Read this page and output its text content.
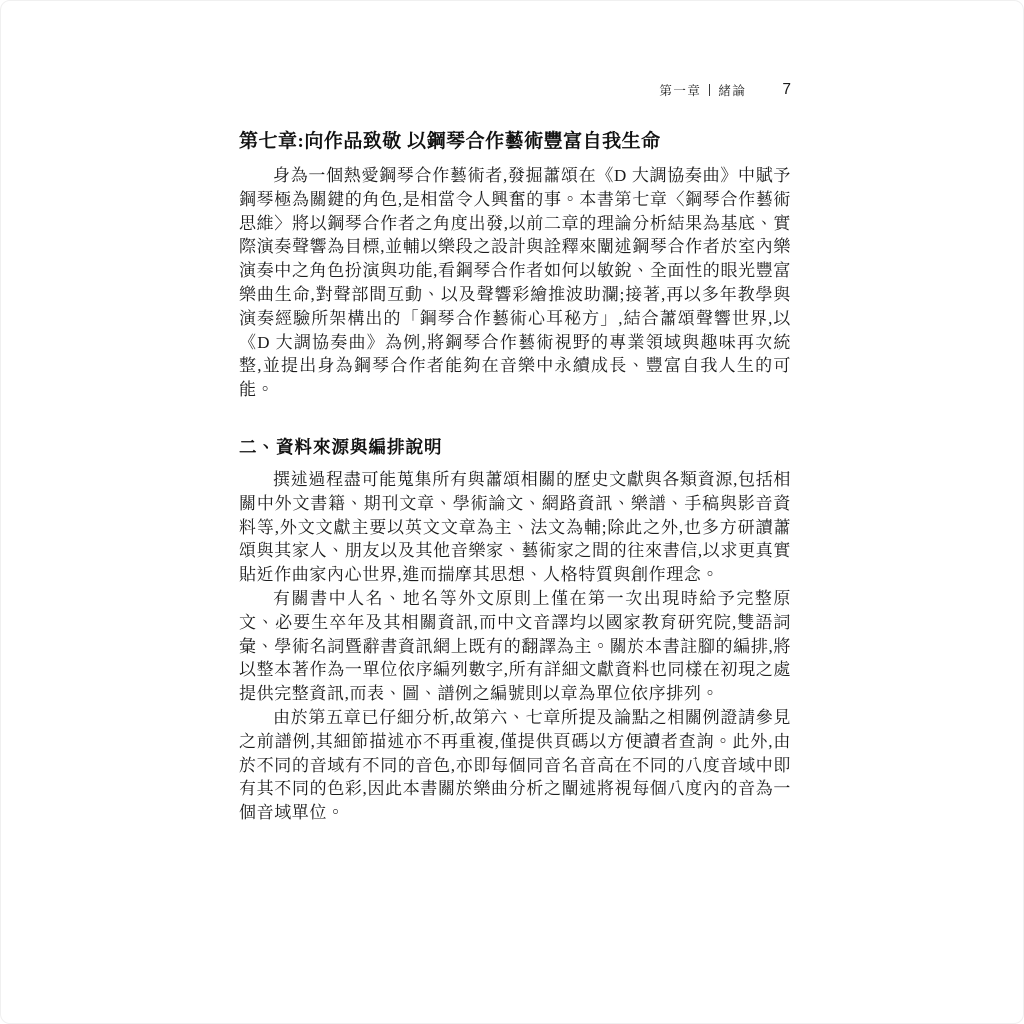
第一章 緒論 7
第七章:向作品致敬 以鋼琴合作藝術豐富自我生命

身為一個熱愛鋼琴合作藝術者,發掘蕭頌在《D 大調協奏曲》中賦予鋼琴極為關鍵的角色,是相當令人興奮的事。本書第七章〈鋼琴合作藝術思維〉將以鋼琴合作者之角度出發,以前二章的理論分析結果為基底、實際演奏聲響為目標,並輔以樂段之設計與詮釋來闡述鋼琴合作者於室內樂演奏中之角色扮演與功能,看鋼琴合作者如何以敏銳、全面性的眼光豐富樂曲生命,對聲部間互動、以及聲響彩繪推波助瀾;接著,再以多年教學與演奏經驗所架構出的「鋼琴合作藝術心耳秘方」,結合蕭頌聲響世界,以《D 大調協奏曲》為例,將鋼琴合作藝術視野的專業領域與趣味再次統整,並提出身為鋼琴合作者能夠在音樂中永續成長、豐富自我人生的可能。

二、資料來源與編排說明

撰述過程盡可能蒐集所有與蕭頌相關的歷史文獻與各類資源,包括相關中外文書籍、期刊文章、學術論文、網路資訊、樂譜、手稿與影音資料等,外文文獻主要以英文文章為主、法文為輔;除此之外,也多方研讀蕭頌與其家人、朋友以及其他音樂家、藝術家之間的往來書信,以求更真實貼近作曲家內心世界,進而揣摩其思想、人格特質與創作理念。

有關書中人名、地名等外文原則上僅在第一次出現時給予完整原文、必要生卒年及其相關資訊,而中文音譯均以國家教育研究院,雙語詞彙、學術名詞暨辭書資訊網上既有的翻譯為主。關於本書註腳的編排,將以整本著作為一單位依序編列數字,所有詳細文獻資料也同樣在初現之處提供完整資訊,而表、圖、譜例之編號則以章為單位依序排列。

由於第五章已仔細分析,故第六、七章所提及論點之相關例證請參見之前譜例,其細節描述亦不再重複,僅提供頁碼以方便讀者查詢。此外,由於不同的音域有不同的音色,亦即每個同音名音高在不同的八度音域中即有其不同的色彩,因此本書關於樂曲分析之闡述將視每個八度內的音為一個音域單位。
